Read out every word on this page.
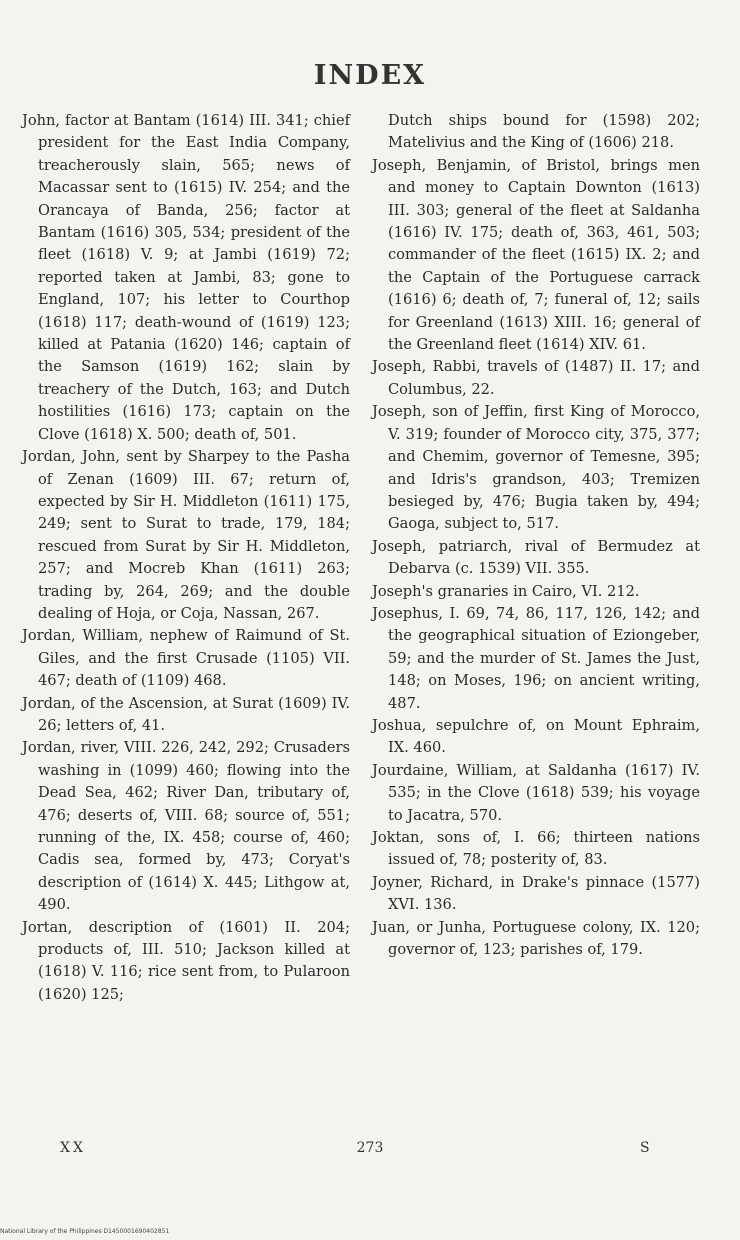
INDEX

John, factor at Bantam (1614) III. 341; chief president for the East India Company, treacherously slain, 565; news of Macassar sent to (1615) IV. 254; and the Orancaya of Banda, 256; factor at Bantam (1616) 305, 534; president of the fleet (1618) V. 9; at Jambi (1619) 72; reported taken at Jambi, 83; gone to England, 107; his letter to Courthop (1618) 117; death-wound of (1619) 123; killed at Patania (1620) 146; captain of the Samson (1619) 162; slain by treachery of the Dutch, 163; and Dutch hostilities (1616) 173; captain on the Clove (1618) X. 500; death of, 501.

Jordan, John, sent by Sharpey to the Pasha of Zenan (1609) III. 67; return of, expected by Sir H. Middleton (1611) 175, 249; sent to Surat to trade, 179, 184; rescued from Surat by Sir H. Middleton, 257; and Mocreb Khan (1611) 263; trading by, 264, 269; and the double dealing of Hoja, or Coja, Nassan, 267.

Jordan, William, nephew of Raimund of St. Giles, and the first Crusade (1105) VII. 467; death of (1109) 468.

Jordan, of the Ascension, at Surat (1609) IV. 26; letters of, 41.

Jordan, river, VIII. 226, 242, 292; Crusaders washing in (1099) 460; flowing into the Dead Sea, 462; River Dan, tributary of, 476; deserts of, VIII. 68; source of, 551; running of the, IX. 458; course of, 460; Cadis sea, formed by, 473; Coryat's description of (1614) X. 445; Lithgow at, 490.

Jortan, description of (1601) II. 204; products of, III. 510; Jackson killed at (1618) V. 116; rice sent from, to Pularoon (1620) 125;

Dutch ships bound for (1598) 202; Matelivius and the King of (1606) 218.

Joseph, Benjamin, of Bristol, brings men and money to Captain Downton (1613) III. 303; general of the fleet at Saldanha (1616) IV. 175; death of, 363, 461, 503; commander of the fleet (1615) IX. 2; and the Captain of the Portuguese carrack (1616) 6; death of, 7; funeral of, 12; sails for Greenland (1613) XIII. 16; general of the Greenland fleet (1614) XIV. 61.

Joseph, Rabbi, travels of (1487) II. 17; and Columbus, 22.

Joseph, son of Jeffin, first King of Morocco, V. 319; founder of Morocco city, 375, 377; and Chemim, governor of Temesne, 395; and Idris's grandson, 403; Tremizen besieged by, 476; Bugia taken by, 494; Gaoga, subject to, 517.

Joseph, patriarch, rival of Bermudez at Debarva (c. 1539) VII. 355.

Joseph's granaries in Cairo, VI. 212.

Josephus, I. 69, 74, 86, 117, 126, 142; and the geographical situation of Eziongeber, 59; and the murder of St. James the Just, 148; on Moses, 196; on ancient writing, 487.

Joshua, sepulchre of, on Mount Ephraim, IX. 460.

Jourdaine, William, at Saldanha (1617) IV. 535; in the Clove (1618) 539; his voyage to Jacatra, 570.

Joktan, sons of, I. 66; thirteen nations issued of, 78; posterity of, 83.

Joyner, Richard, in Drake's pinnace (1577) XVI. 136.

Juan, or Junha, Portuguese colony, IX. 120; governor of, 123; parishes of, 179.

XX	273	S
National Library of the Philippines D1450001690402851
